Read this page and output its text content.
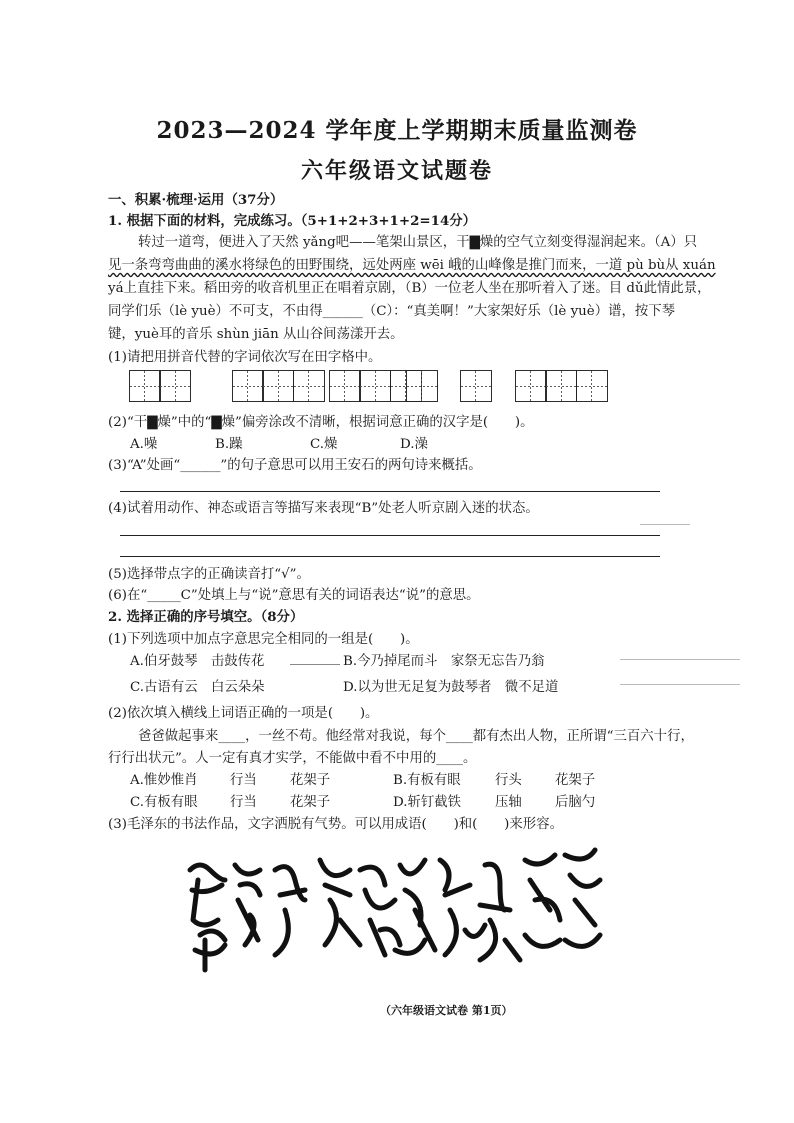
2023—2024 学年度上学期期末质量监测卷
六年级语文试题卷
一、积累·梳理·运用（37分）
1. 根据下面的材料，完成练习。（5+1+2+3+1+2=14分）
转过一道弯，便进入了天然 yǎng吧——笔架山景区，干▇燥的空气立刻变得湿润起来。（A）只
见一条弯弯曲曲的溪水将绿色的田野围绕，远处两座 wēi 峨的山峰像是推门而来，一道 pù bù从 xuán
yá上直挂下来。稻田旁的收音机里正在唱着京剧，（B）一位老人坐在那听着入了迷。目 dǔ此情此景，
同学们乐（lè yuè）不可支，不由得______（C）：“真美啊！”大家架好乐（lè yuè）谱，按下琴
键，yuè耳的音乐 shùn jiān 从山谷间荡漾开去。
(1)请把用拼音代替的字词依次写在田字格中。
(2)“干▇燥”中的“▇燥”偏旁涂改不清晰，根据词意正确的汉字是(　　)。
A.噪	B.躁	C.燥	D.澡
(3)“A”处画“______”的句子意思可以用王安石的两句诗来概括。
(4)试着用动作、神态或语言等描写来表现“B”处老人听京剧入迷的状态。
(5)选择带点字的正确读音打“√”。
(6)在“_____C”处填上与“说”意思有关的词语表达“说”的意思。
2. 选择正确的序号填空。（8分）
(1)下列选项中加点字意思完全相同的一组是(　　)。
A.伯牙鼓琴　击鼓传花	B.今乃掉尾而斗　家祭无忘告乃翁
C.古语有云　白云朵朵	D.以为世无足复为鼓琴者　微不足道
(2)依次填入横线上词语正确的一项是(　　)。
爸爸做起事来____，一丝不苟。他经常对我说，每个____都有杰出人物，正所谓“三百六十行，
行行出状元”。人一定有真才实学，不能做中看不中用的____。
A.惟妙惟肖 行当 花架子	B.有板有眼	行头 花架子
C.有板有眼 行当 花架子	D.斩钉截铁	压轴 后脑勺
(3)毛泽东的书法作品，文字洒脱有气势。可以用成语(　　)和(　　)来形容。
（六年级语文试卷 第1页）
